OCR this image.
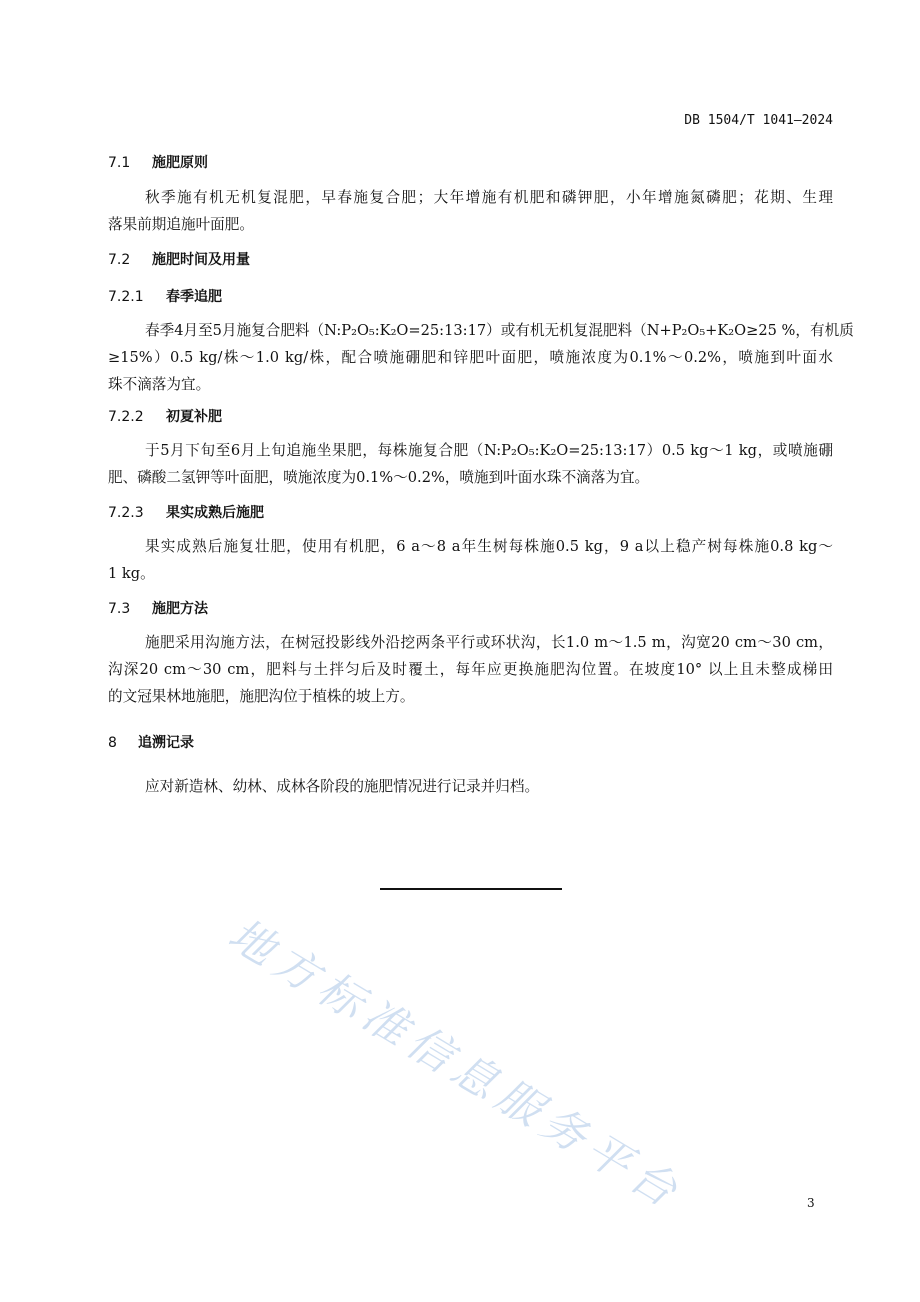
DB 1504/T 1041—2024
7.1 施肥原则
秋季施有机无机复混肥，早春施复合肥；大年增施有机肥和磷钾肥，小年增施氮磷肥；花期、生理
落果前期追施叶面肥。
7.2 施肥时间及用量
7.2.1 春季追肥
春季4月至5月施复合肥料（N:P₂O₅:K₂O=25:13:17）或有机无机复混肥料（N+P₂O₅+K₂O≥25 %，有机质
≥15%）0.5 kg/株～1.0 kg/株，配合喷施硼肥和锌肥叶面肥，喷施浓度为0.1%～0.2%，喷施到叶面水
珠不滴落为宜。
7.2.2 初夏补肥
于5月下旬至6月上旬追施坐果肥，每株施复合肥（N:P₂O₅:K₂O=25:13:17）0.5 kg～1 kg，或喷施硼
肥、磷酸二氢钾等叶面肥，喷施浓度为0.1%～0.2%，喷施到叶面水珠不滴落为宜。
7.2.3 果实成熟后施肥
果实成熟后施复壮肥，使用有机肥，6 a～8 a年生树每株施0.5 kg，9 a以上稳产树每株施0.8 kg～
1 kg。
7.3 施肥方法
施肥采用沟施方法，在树冠投影线外沿挖两条平行或环状沟，长1.0 m～1.5 m，沟宽20 cm～30 cm，
沟深20 cm～30 cm，肥料与土拌匀后及时覆土，每年应更换施肥沟位置。在坡度10° 以上且未整成梯田
的文冠果林地施肥，施肥沟位于植株的坡上方。
8 追溯记录
应对新造林、幼林、成林各阶段的施肥情况进行记录并归档。
地方标准信息服务平台	3
